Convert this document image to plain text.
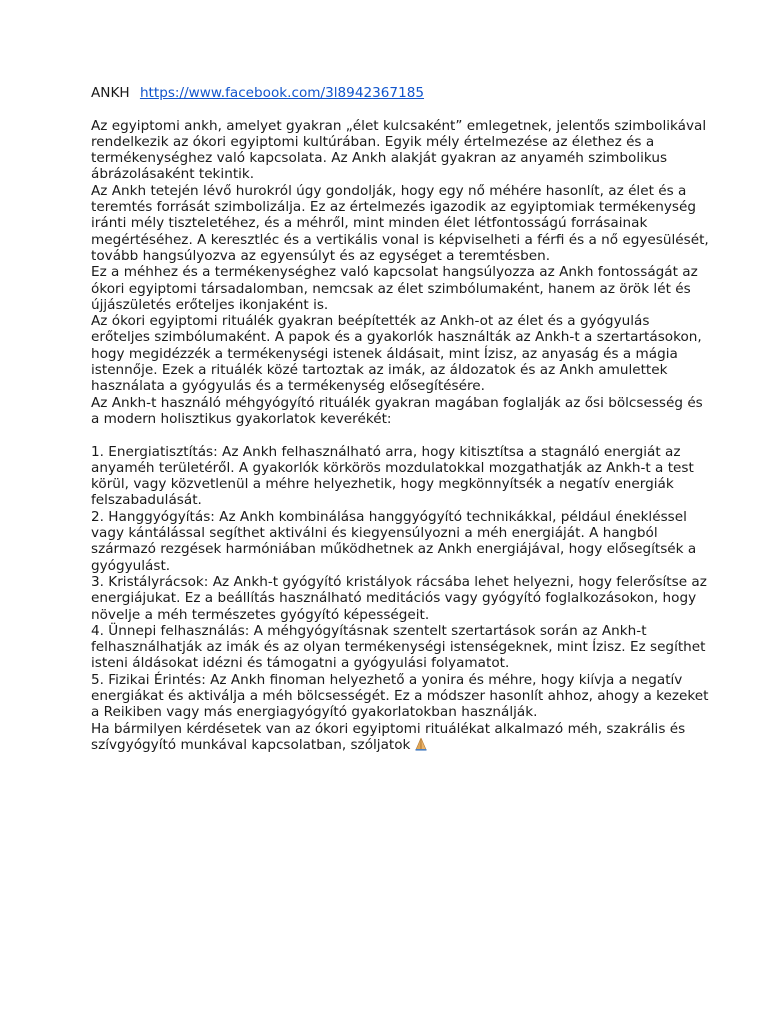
ANKH https://www.facebook.com/3l8942367185

Az egyiptomi ankh, amelyet gyakran „élet kulcsaként” emlegetnek, jelentős szimbolikával rendelkezik az ókori egyiptomi kultúrában. Egyik mély értelmezése az élethez és a termékenységhez való kapcsolata. Az Ankh alakját gyakran az anyaméh szimbolikus ábrázolásaként tekintik.

Az Ankh tetején lévő hurokról úgy gondolják, hogy egy nő méhére hasonlít, az élet és a teremtés forrását szimbolizálja. Ez az értelmezés igazodik az egyiptomiak termékenység iránti mély tiszteletéhez, és a méhről, mint minden élet létfontosságú forrásainak megértéséhez. A keresztléc és a vertikális vonal is képviselheti a férfi és a nő egyesülését, tovább hangsúlyozva az egyensúlyt és az egységet a teremtésben.

Ez a méhhez és a termékenységhez való kapcsolat hangsúlyozza az Ankh fontosságát az ókori egyiptomi társadalomban, nemcsak az élet szimbólumaként, hanem az örök lét és újjászületés erőteljes ikonjaként is.

Az ókori egyiptomi rituálék gyakran beépítették az Ankh-ot az élet és a gyógyulás erőteljes szimbólumaként. A papok és a gyakorlók használták az Ankh-t a szertartásokon, hogy megidézzék a termékenységi istenek áldásait, mint Ízisz, az anyaság és a mágia istennője. Ezek a rituálék közé tartoztak az imák, az áldozatok és az Ankh amulettek használata a gyógyulás és a termékenység elősegítésére.

Az Ankh-t használó méhgyógyító rituálék gyakran magában foglalják az ősi bölcsesség és a modern holisztikus gyakorlatok keverékét:

1. Energiatisztítás: Az Ankh felhasználható arra, hogy kitisztítsa a stagnáló energiát az anyaméh területéről. A gyakorlók körkörös mozdulatokkal mozgathatják az Ankh-t a test körül, vagy közvetlenül a méhre helyezhetik, hogy megkönnyítsék a negatív energiák felszabadulását.

2. Hanggyógyítás: Az Ankh kombinálása hanggyógyító technikákkal, például énekléssel vagy kántálással segíthet aktiválni és kiegyensúlyozni a méh energiáját. A hangból származó rezgések harmóniában működhetnek az Ankh energiájával, hogy elősegítsék a gyógyulást.

3. Kristályrácsok: Az Ankh-t gyógyító kristályok rácsába lehet helyezni, hogy felerősítse az energiájukat. Ez a beállítás használható meditációs vagy gyógyító foglalkozásokon, hogy növelje a méh természetes gyógyító képességeit.

4. Ünnepi felhasználás: A méhgyógyításnak szentelt szertartások során az Ankh-t felhasználhatják az imák és az olyan termékenységi istenségeknek, mint Ízisz. Ez segíthet isteni áldásokat idézni és támogatni a gyógyulási folyamatot.

5. Fizikai Érintés: Az Ankh finoman helyezhető a yonira és méhre, hogy kiívja a negatív energiákat és aktiválja a méh bölcsességét. Ez a módszer hasonlít ahhoz, ahogy a kezeket a Reikiben vagy más energiagyógyító gyakorlatokban használják.

Ha bármilyen kérdésetek van az ókori egyiptomi rituálékat alkalmazó méh, szakrális és szívgyógyító munkával kapcsolatban, szóljatok
